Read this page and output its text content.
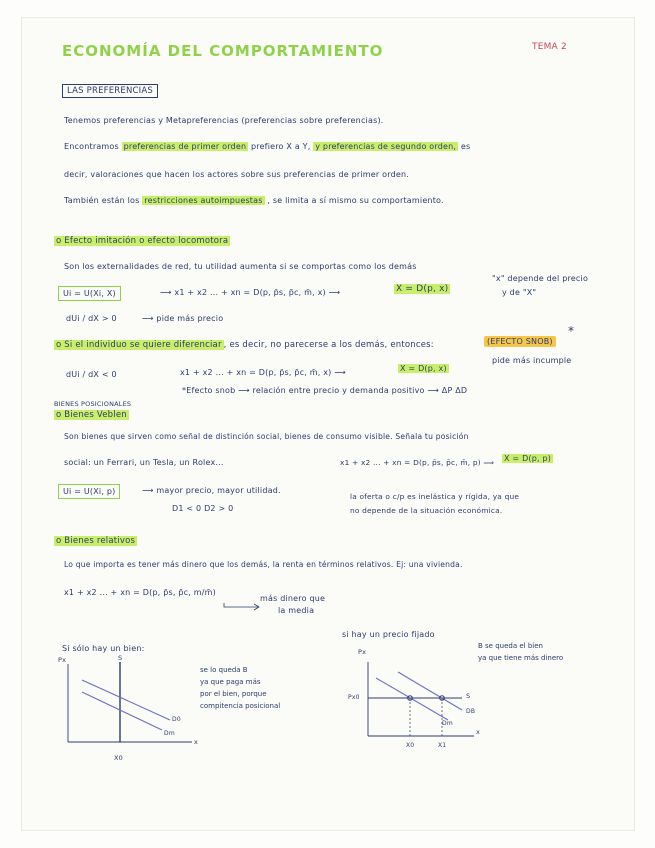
ECONOMÍA DEL COMPORTAMIENTO	TEMA 2
LAS PREFERENCIAS
Tenemos preferencias y Metapreferencias (preferencias sobre preferencias).
Encontramos preferencias de primer orden prefiero X a Y, y preferencias de segundo orden, es
decir, valoraciones que hacen los actores sobre sus preferencias de primer orden.
También están los restricciones autoimpuestas , se limita a sí mismo su comportamiento.
o Efecto imitación o efecto locomotora
Son los externalidades de red, tu utilidad aumenta si se comportas como los demás
Ui = U(Xi, X)	⟶ x1 + x2 ... + xn = D(p, p̄s, p̄c, m̄, x) ⟶	X = D(p, x)
"x" depende del precio
y de "X"
dUi / dX > 0	⟶ pide más precio
o Si el individuo se quiere diferenciar , es decir, no parecerse a los demás, entonces:	(EFECTO SNOB)
*
dUi / dX < 0	x1 + x2 ... + xn = D(p, p̄s, p̄c, m̄, x) ⟶	X = D(p, x)
pide más incumple
*Efecto snob ⟶ relación entre precio y demanda positivo ⟶ ΔP ΔD
BIENES POSICIONALES
o Bienes Veblen
Son bienes que sirven como señal de distinción social, bienes de consumo visible. Señala tu posición
social: un Ferrari, un Tesla, un Rolex...	x1 + x2 ... + xn = D(p, p̄s, p̄c, m̄, p) ⟹ X = D(p, p)
Ui = U(Xi, p)	⟶ mayor precio, mayor utilidad.
D1 < 0 D2 > 0
la oferta o c/p es inelástica y rígida, ya que
no depende de la situación económica.
o Bienes relativos
Lo que importa es tener más dinero que los demás, la renta en términos relativos. Ej: una vivienda.
x1 + x2 ... + xn = D(p, p̄s, p̄c, m/m̄)
más dinero que
la media
Si sólo hay un bien:
Px
x
S
D0
Dm
X0
se lo queda B
ya que paga más
por el bien, porque
compitencia posicional
si hay un precio fijado
Px
x
S
Px0
X0	X1
Dm
DB
B se queda el bien
ya que tiene más dinero
